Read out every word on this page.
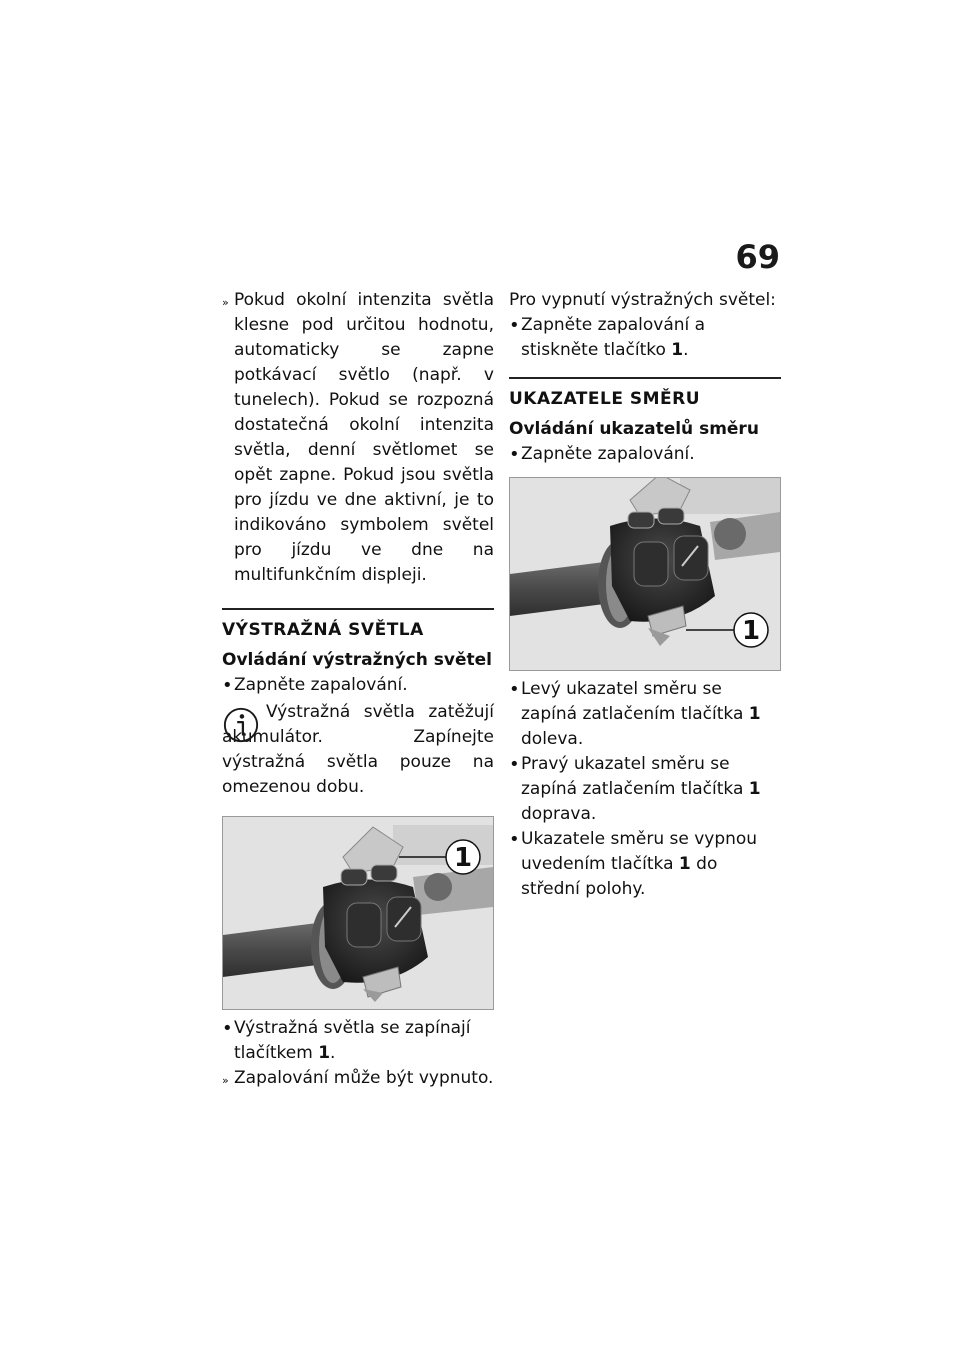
69
» Pokud okolní intenzita světla klesne pod určitou hodnotu, automaticky se zapne potkávací světlo (např. v tunelech). Pokud se rozpozná dostatečná okolní intenzita světla, denní světlomet se opět zapne. Pokud jsou světla pro jízdu ve dne aktivní, je to indikováno symbolem světel pro jízdu ve dne na multifunkčním displeji.
VÝSTRAŽNÁ SVĚTLA
Ovládání výstražných světel
• Zapněte zapalování.
Výstražná světla zatěžují akumulátor. Zapínejte výstražná světla pouze na omezenou dobu.
1
• Výstražná světla se zapínají tlačítkem 1.
» Zapalování může být vypnuto.

Pro vypnutí výstražných světel:

• Zapněte zapalování a stiskněte tlačítko 1.
UKAZATELE SMĚRU
Ovládání ukazatelů směru
• Zapněte zapalování.
1
• Levý ukazatel směru se zapíná zatlačením tlačítka 1 doleva.
• Pravý ukazatel směru se zapíná zatlačením tlačítka 1 doprava.
• Ukazatele směru se vypnou uvedením tlačítka 1 do střední polohy.
